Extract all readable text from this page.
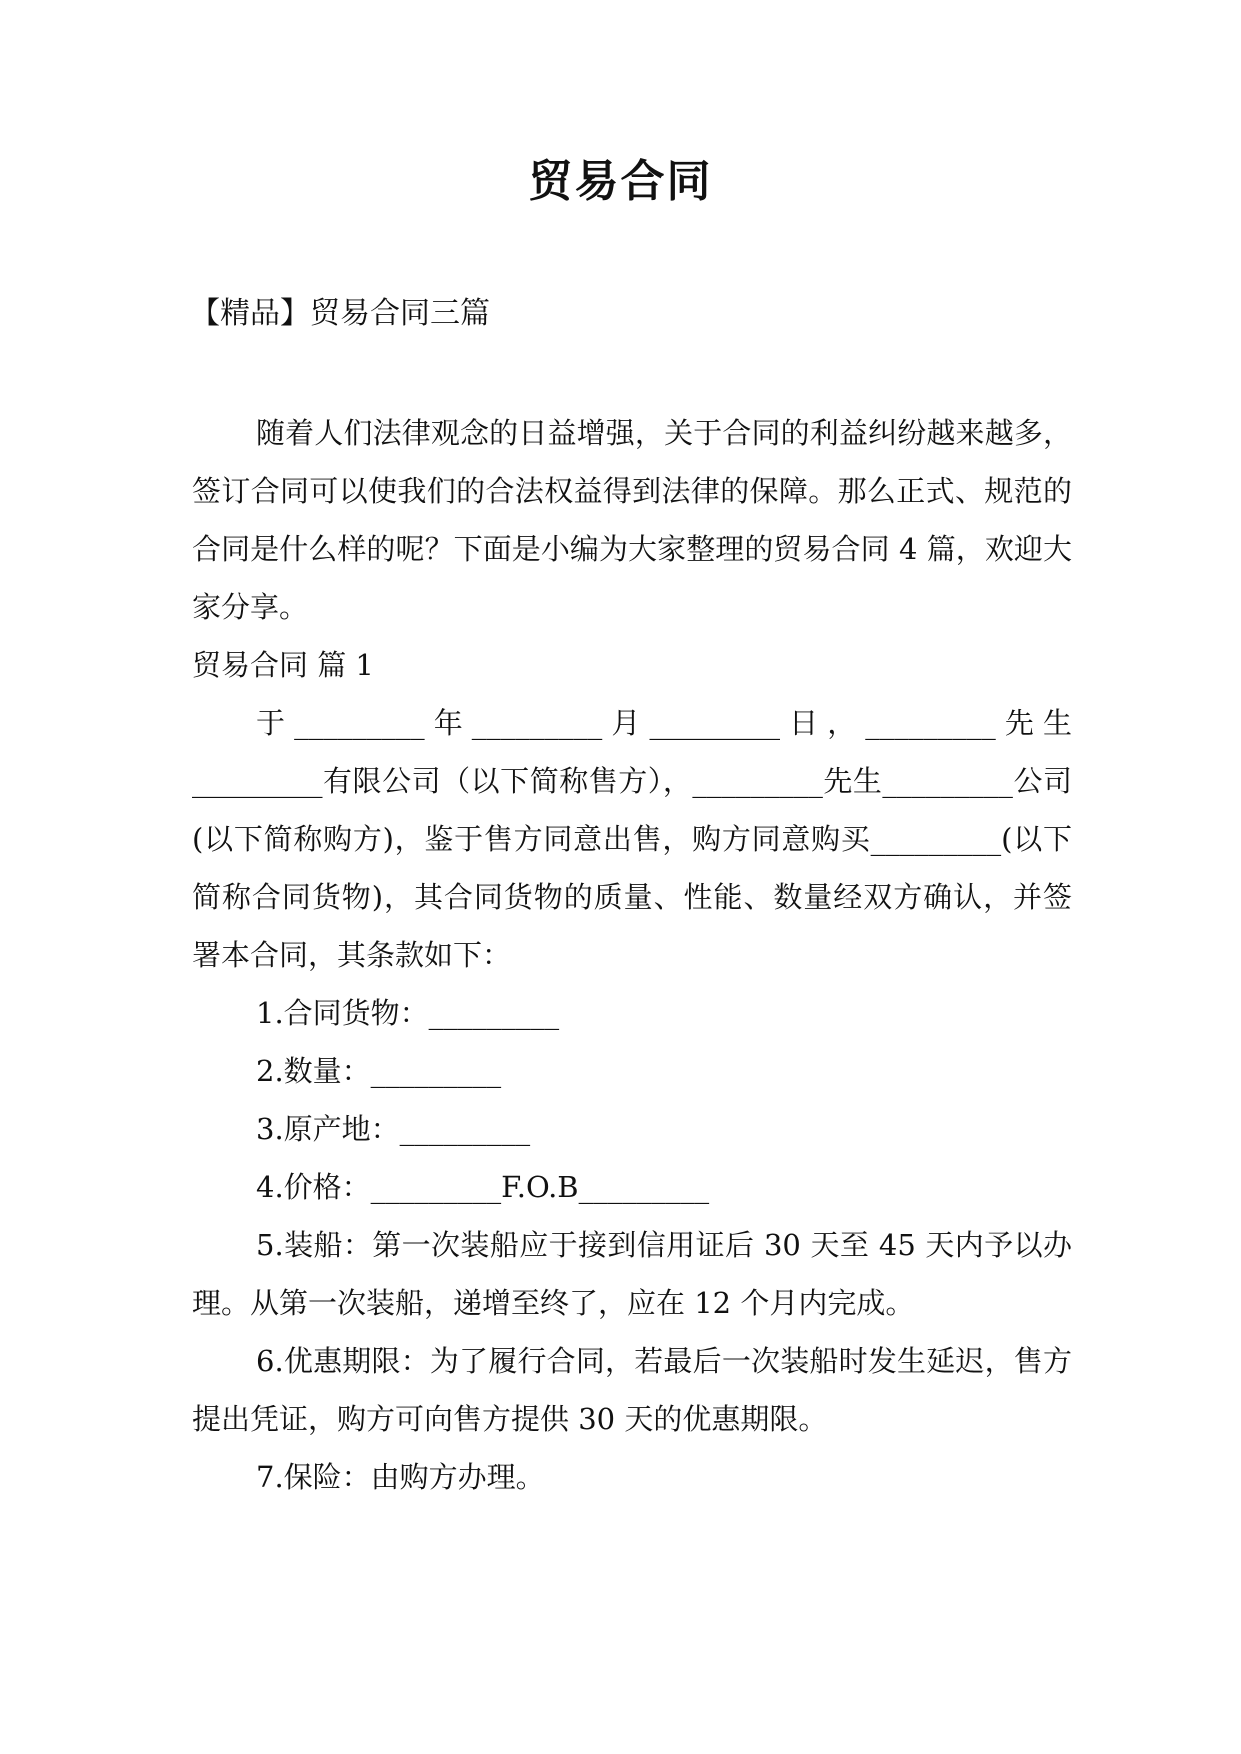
贸易合同
【精品】贸易合同三篇

随着人们法律观念的日益增强，关于合同的利益纠纷越来越多，签订合同可以使我们的合法权益得到法律的保障。那么正式、规范的合同是什么样的呢？下面是小编为大家整理的贸易合同 4 篇，欢迎大家分享。

贸易合同 篇 1

于_________年_________月_________日，_________先生_________有限公司（以下简称售方），_________先生_________公司(以下简称购方)，鉴于售方同意出售，购方同意购买_________(以下简称合同货物)，其合同货物的质量、性能、数量经双方确认，并签署本合同，其条款如下：

1.合同货物：_________

2.数量：_________

3.原产地：_________

4.价格：_________F.O.B_________

5.装船：第一次装船应于接到信用证后 30 天至 45 天内予以办理。从第一次装船，递增至终了，应在 12 个月内完成。

6.优惠期限：为了履行合同，若最后一次装船时发生延迟，售方提出凭证，购方可向售方提供 30 天的优惠期限。

7.保险：由购方办理。
